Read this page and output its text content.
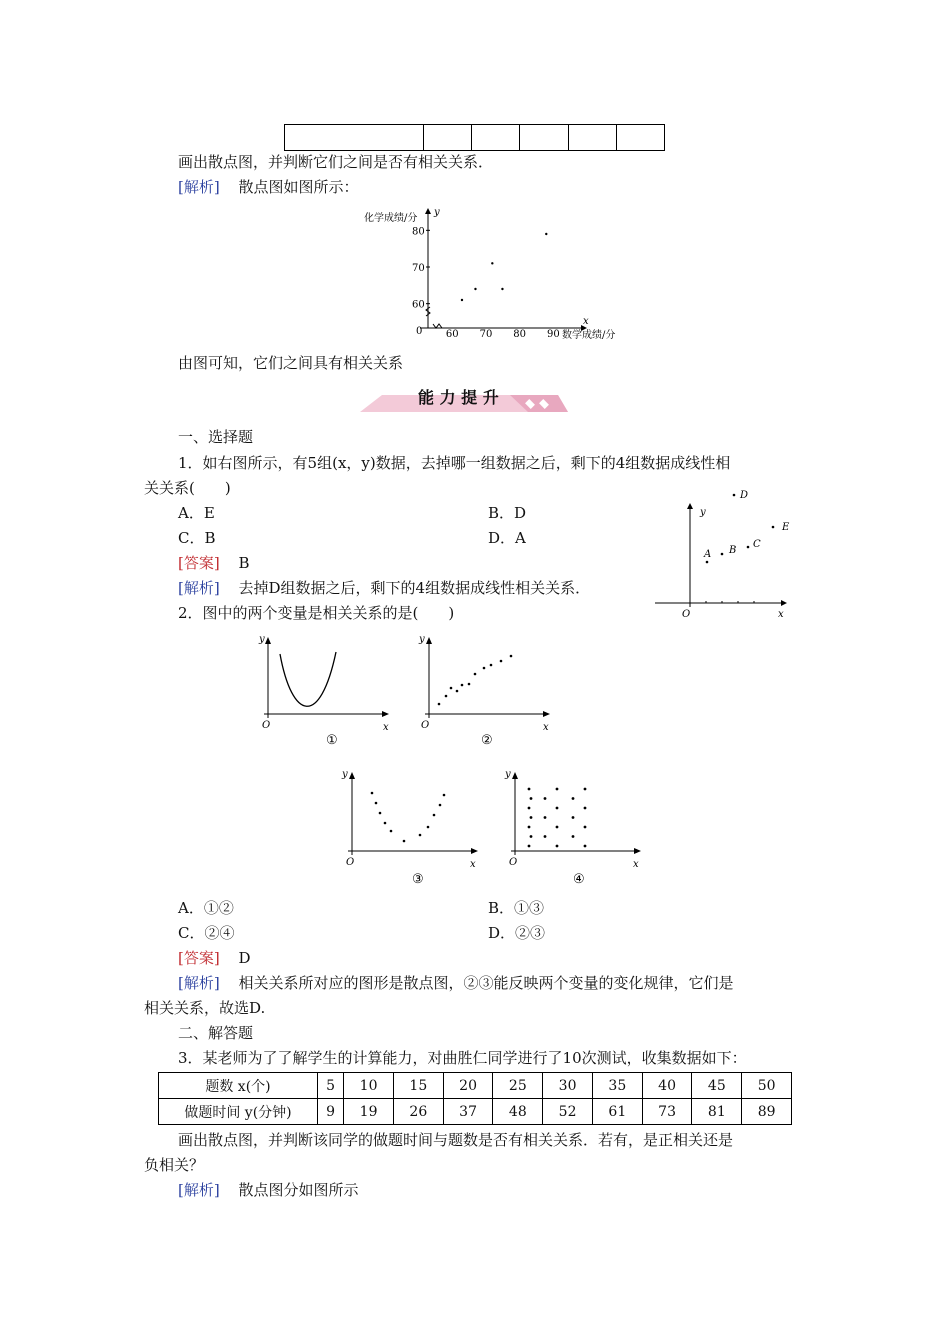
画出散点图，并判断它们之间是否有相关关系．
[解析] 散点图如图所示：
化学成绩/分
y
x
数学成绩/分
0 60 70 80 90
60
70
80
由图可知，它们之间具有相关关系
能 力 提 升
一、选择题
1．如右图所示，有5组(x，y)数据，去掉哪一组数据之后，剩下的4组数据成线性相
关关系(　　)
A．E	B．D
C．B	D．A
[答案] B
[解析] 去掉D组数据之后，剩下的4组数据成线性相关关系．
y
x
O
A B
C
D
E
2．图中的两个变量是相关关系的是(　　)
y
x
O
①
y
x
O
②
y
x
O
③
y
x
O
④
A．①②	B．①③
C．②④	D．②③
[答案] D
[解析] 相关关系所对应的图形是散点图，②③能反映两个变量的变化规律，它们是
相关关系，故选D.
二、解答题
3．某老师为了了解学生的计算能力，对曲胜仁同学进行了10次测试，收集数据如下：
题数 x(个)	5	10	15	20	25	30	35	40	45	50
做题时间 y(分钟)	9	19	26	37	48	52	61	73	81	89
画出散点图，并判断该同学的做题时间与题数是否有相关关系．若有，是正相关还是
负相关？
[解析] 散点图分如图所示
